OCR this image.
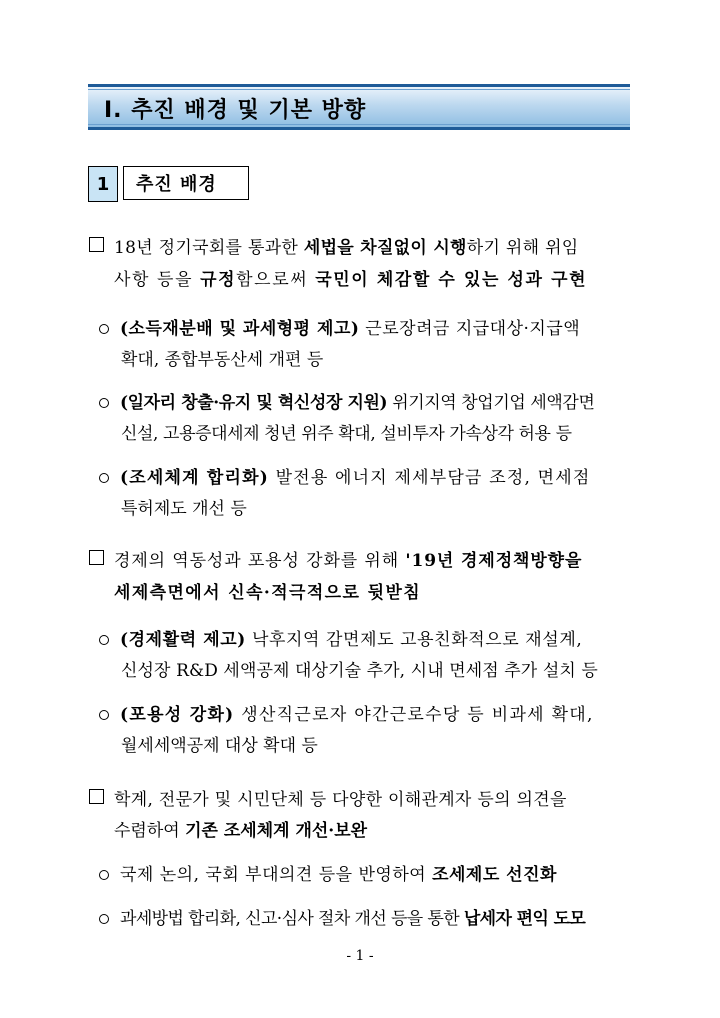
Ⅰ. 추진 배경 및 기본 방향
1	추진 배경
18년 정기국회를 통과한 세법을 차질없이 시행하기 위해 위임
사항 등을 규정함으로써 국민이 체감할 수 있는 성과 구현
(소득재분배 및 과세형평 제고) 근로장려금 지급대상·지급액
확대, 종합부동산세 개편 등
(일자리 창출·유지 및 혁신성장 지원) 위기지역 창업기업 세액감면
신설, 고용증대세제 청년 위주 확대, 설비투자 가속상각 허용 등
(조세체계 합리화) 발전용 에너지 제세부담금 조정, 면세점
특허제도 개선 등
경제의 역동성과 포용성 강화를 위해 '19년 경제정책방향을
세제측면에서 신속·적극적으로 뒷받침
(경제활력 제고) 낙후지역 감면제도 고용친화적으로 재설계,
신성장 R&D 세액공제 대상기술 추가, 시내 면세점 추가 설치 등
(포용성 강화) 생산직근로자 야간근로수당 등 비과세 확대,
월세세액공제 대상 확대 등
학계, 전문가 및 시민단체 등 다양한 이해관계자 등의 의견을
수렴하여 기존 조세체계 개선·보완
국제 논의, 국회 부대의견 등을 반영하여 조세제도 선진화
과세방법 합리화, 신고·심사 절차 개선 등을 통한 납세자 편익 도모
- 1 -
